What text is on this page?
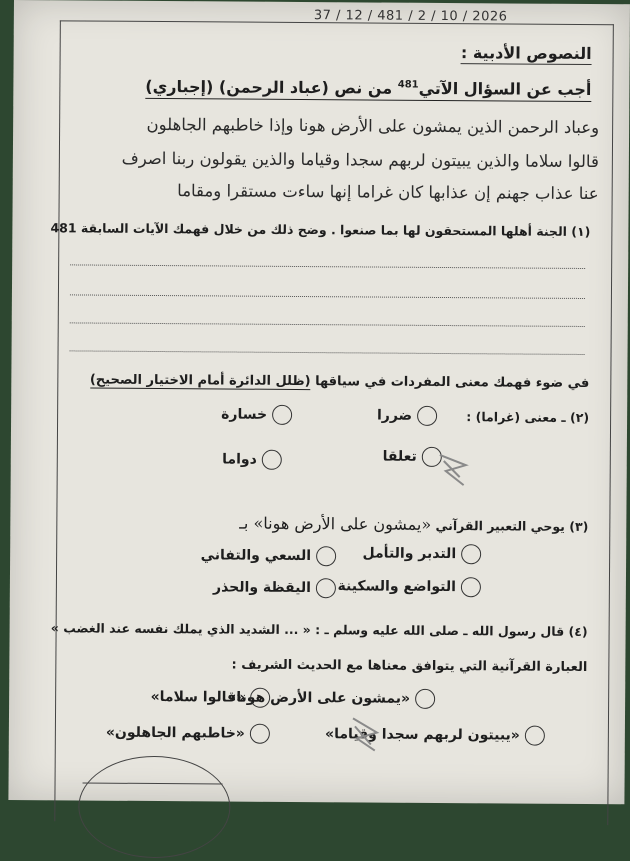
37 / 12 / 481 / 2 / 10 / 2026
النصوص الأدبية :
أجب عن السؤال الآتي$^{481}$ من نص (عباد الرحمن) (إجباري)
وعباد الرحمن الذين يمشون على الأرض هونا وإذا خاطبهم الجاهلون
قالوا سلاما والذين يبيتون لربهم سجدا وقياما والذين يقولون ربنا اصرف
عنا عذاب جهنم إن عذابها كان غراما إنها ساءت مستقرا ومقاما
(١) الجنة أهلها المستحقون لها بما صنعوا . وضح ذلك من خلال فهمك الآيات السابقة 481
في ضوء فهمك معنى المفردات في سياقها (ظلل الدائرة أمام الاختيار الصحيح)
(٢) ـ معنى (غراما) :
ضررا
خسارة
تعلقا
دواما
(٣) يوحي التعبير القرآني «يمشون على الأرض هونا» بـ
التدبر والتأمل
السعي والتفاني
التواضع والسكينة
اليقظة والحذر
(٤) قال رسول الله ـ صلى الله عليه وسلم ـ : « ... الشديد الذي يملك نفسه عند الغضب »
العبارة القرآنية التي يتوافق معناها مع الحديث الشريف :
«يمشون على الأرض هونا»
«قالوا سلاما»
«يبيتون لربهم سجدا وقياما»
«خاطبهم الجاهلون»
